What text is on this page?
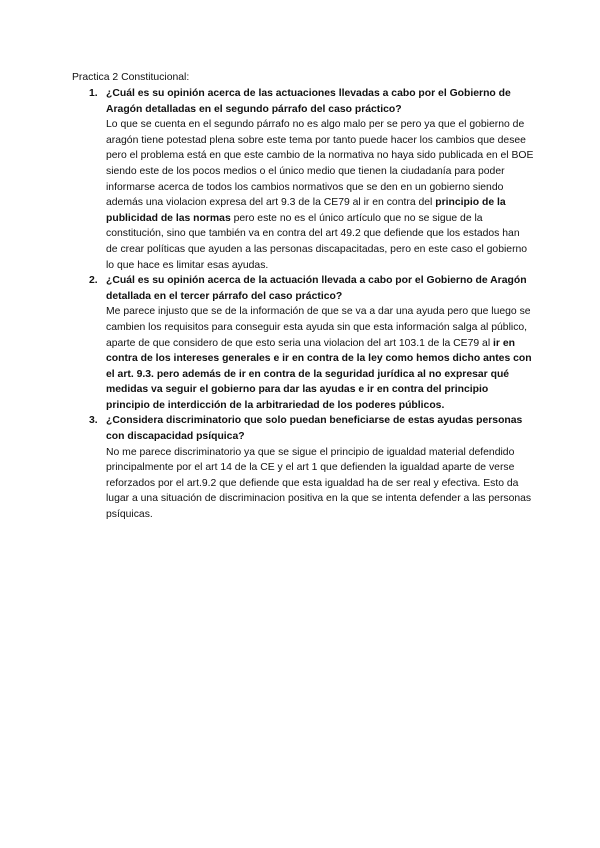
Practica 2 Constitucional:
1. ¿Cuál es su opinión acerca de las actuaciones llevadas a cabo por el Gobierno de Aragón detalladas en el segundo párrafo del caso práctico?
Lo que se cuenta en el segundo párrafo no es algo malo per se pero ya que el gobierno de aragón tiene potestad plena sobre este tema por tanto puede hacer los cambios que desee pero el problema está en que este cambio de la normativa no haya sido publicada en el BOE siendo este de los pocos medios o el único medio que tienen la ciudadanía para poder informarse acerca de todos los cambios normativos que se den en un gobierno siendo además una violacion expresa del art 9.3 de la CE79 al ir en contra del principio de la publicidad de las normas pero este no es el único artículo que no se sigue de la constitución, sino que también va en contra del art 49.2 que defiende que los estados han de crear políticas que ayuden a las personas discapacitadas, pero en este caso el gobierno lo que hace es limitar esas ayudas.
2. ¿Cuál es su opinión acerca de la actuación llevada a cabo por el Gobierno de Aragón detallada en el tercer párrafo del caso práctico?
Me parece injusto que se de la información de que se va a dar una ayuda pero que luego se cambien los requisitos para conseguir esta ayuda sin que esta información salga al público, aparte de que considero de que esto seria una violacion del art 103.1 de la CE79 al ir en contra de los intereses generales e ir en contra de la ley como hemos dicho antes con el art. 9.3. pero además de ir en contra de la seguridad jurídica al no expresar qué medidas va seguir el gobierno para dar las ayudas e ir en contra del principio principio de interdicción de la arbitrariedad de los poderes públicos.
3. ¿Considera discriminatorio que solo puedan beneficiarse de estas ayudas personas con discapacidad psíquica?
No me parece discriminatorio ya que se sigue el principio de igualdad material defendido principalmente por el art 14 de la CE y el art 1 que defienden la igualdad aparte de verse reforzados por el art.9.2 que defiende que esta igualdad ha de ser real y efectiva. Esto da lugar a una situación de discriminacion positiva en la que se intenta defender a las personas psíquicas.
